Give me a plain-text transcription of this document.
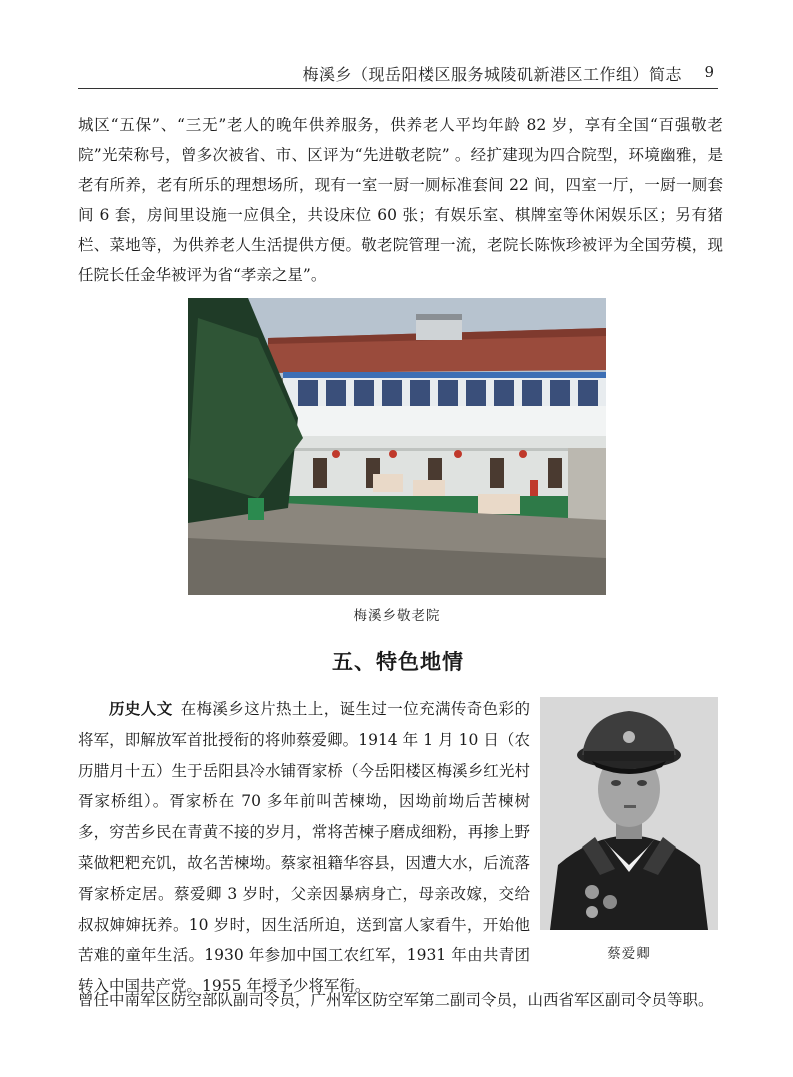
梅溪乡（现岳阳楼区服务城陵矶新港区工作组）简志 9

城区“五保”、“三无”老人的晚年供养服务，供养老人平均年龄 82 岁，享有全国“百强敬老院”光荣称号，曾多次被省、市、区评为“先进敬老院” 。经扩建现为四合院型，环境幽雅，是老有所养，老有所乐的理想场所，现有一室一厨一厕标准套间 22 间，四室一厅，一厨一厕套间 6 套，房间里设施一应俱全，共设床位 60 张；有娱乐室、棋牌室等休闲娱乐区；另有猪栏、菜地等，为供养老人生活提供方便。敬老院管理一流，老院长陈恢珍被评为全国劳模，现任院长任金华被评为省“孝亲之星”。

梅溪乡敬老院
五、特色地情
历史人文 在梅溪乡这片热土上，诞生过一位充满传奇色彩的将军，即解放军首批授衔的将帅蔡爱卿。1914 年 1 月 10 日（农历腊月十五）生于岳阳县冷水铺胥家桥（今岳阳楼区梅溪乡红光村胥家桥组）。胥家桥在 70 多年前叫苦楝坳，因坳前坳后苦楝树多，穷苦乡民在青黄不接的岁月，常将苦楝子磨成细粉，再掺上野菜做粑粑充饥，故名苦楝坳。蔡家祖籍华容县，因遭大水，后流落胥家桥定居。蔡爱卿 3 岁时，父亲因暴病身亡，母亲改嫁，交给叔叔婶婶抚养。10 岁时，因生活所迫，送到富人家看牛，开始他苦难的童年生活。1930 年参加中国工农红军，1931 年由共青团转入中国共产党。1955 年授予少将军衔。
曾任中南军区防空部队副司令员，广州军区防空军第二副司令员，山西省军区副司令员等职。
蔡爱卿
